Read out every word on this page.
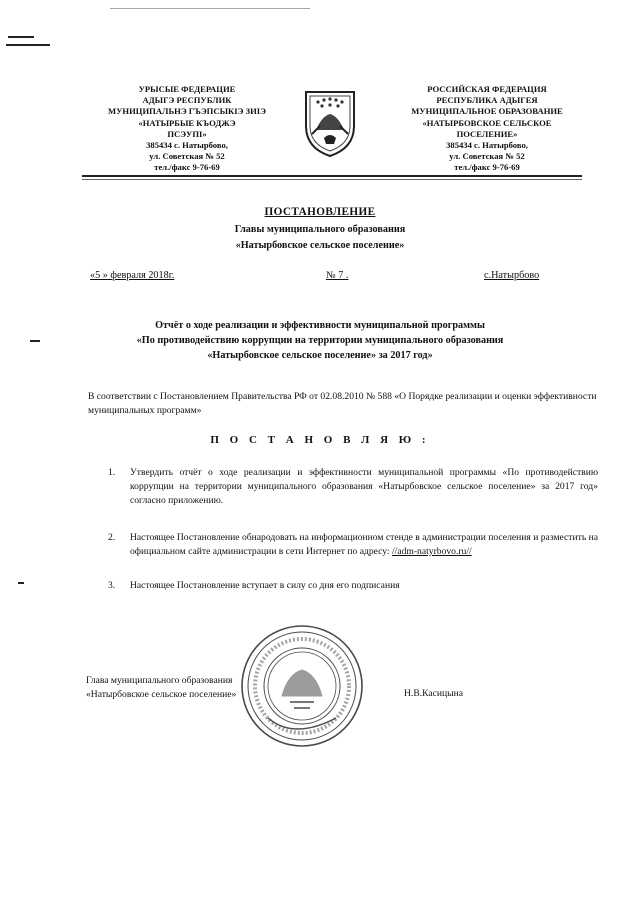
УРЫСЫЕ ФЕДЕРАЦИЕ
АДЫГЭ РЕСПУБЛИК
МУНИЦИПАЛЬНЭ ГЪЭПСЫКIЭ ЗИIЭ
«НАТЫРБЫЕ КЪОДЖЭ
ПСЭУПI»
385434 с. Натырбово,
ул. Советская № 52
тел./факс 9-76-69
РОССИЙСКАЯ ФЕДЕРАЦИЯ
РЕСПУБЛИКА АДЫГЕЯ
МУНИЦИПАЛЬНОЕ ОБРАЗОВАНИЕ
«НАТЫРБОВСКОЕ СЕЛЬСКОЕ
ПОСЕЛЕНИЕ»
385434 с. Натырбово,
ул. Советская № 52
тел./факс 9-76-69
ПОСТАНОВЛЕНИЕ
Главы муниципального образования
«Натырбовское сельское поселение»
«5 » февраля 2018г.	№ 7 .	с.Натырбово
Отчёт о ходе реализации и эффективности муниципальной программы
«По противодействию коррупции на территории муниципального образования
«Натырбовское сельское поселение» за 2017 год»
В соответствии с Постановлением Правительства РФ от 02.08.2010 № 588 «О Порядке реализации и оценки эффективности муниципальных программ»
П О С Т А Н О В Л Я Ю :
1. Утвердить отчёт о ходе реализации и эффективности муниципальной программы «По противодействию коррупции на территории муниципального образования «Натырбовское сельское поселение» за 2017 год» согласно приложению.
2. Настоящее Постановление обнародовать на информационном стенде в администрации поселения и разместить на официальном сайте администрации в сети Интернет по адресу: //adm-natyrbovo.ru//
3. Настоящее Постановление вступает в силу со дня его подписания
Глава муниципального образования
«Натырбовское сельское поселение»	Н.В.Касицына
